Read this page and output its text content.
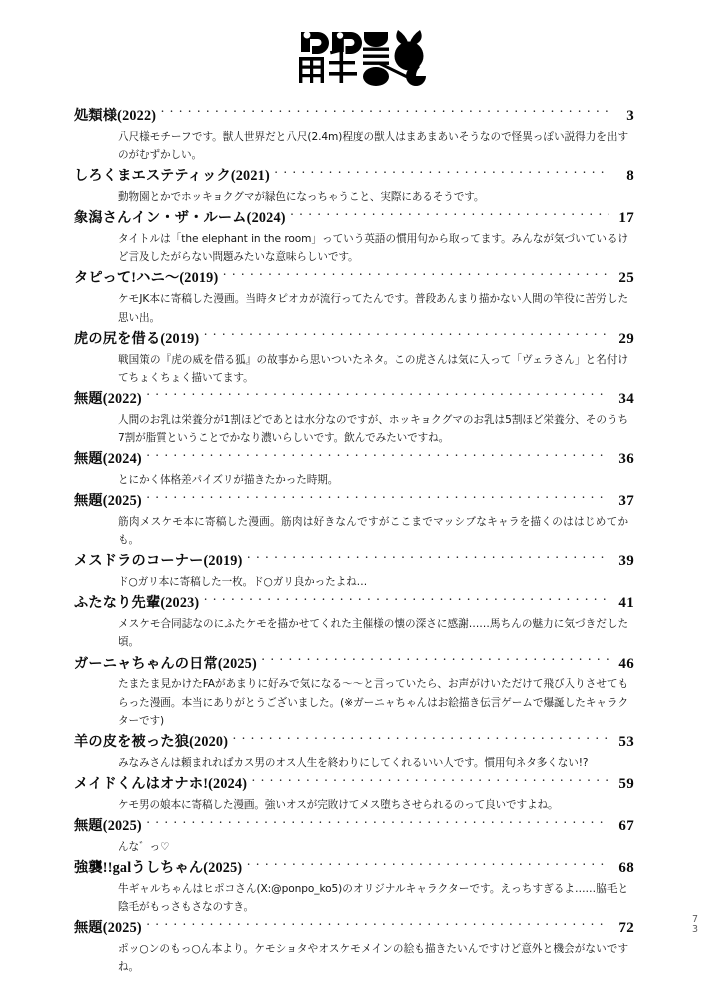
処類様(2022) · · ·	3
八尺様モチーフです。獣人世界だと八尺(2.4m)程度の獣人はまあまあいそうなので怪異っぽい説得力を出すのがむずかしい。
しろくまエステティック(2021) · · ·	8
動物園とかでホッキョクグマが緑色になっちゃうこと、実際にあるそうです。
象潟さんイン・ザ・ルーム(2024) · · ·	17
タイトルは「the elephant in the room」っていう英語の慣用句から取ってます。みんなが気づいているけど言及したがらない問題みたいな意味らしいです。
タピって!ハニ〜(2019) · · ·	25
ケモJK本に寄稿した漫画。当時タピオカが流行ってたんです。普段あんまり描かない人間の竿役に苦労した思い出。
虎の尻を借る(2019) · · ·	29
戦国策の『虎の威を借る狐』の故事から思いついたネタ。この虎さんは気に入って「ヴェラさん」と名付けてちょくちょく描いてます。
無題(2022) · · ·	34
人間のお乳は栄養分が1割ほどであとは水分なのですが、ホッキョクグマのお乳は5割ほど栄養分、そのうち7割が脂質ということでかなり濃いらしいです。飲んでみたいですね。
無題(2024) · · ·	36
とにかく体格差パイズリが描きたかった時期。
無題(2025) · · ·	37
筋肉メスケモ本に寄稿した漫画。筋肉は好きなんですがここまでマッシブなキャラを描くのははじめてかも。
メスドラのコーナー(2019) · · ·	39
ド○ガリ本に寄稿した一枚。ド○ガリ良かったよね…
ふたなり先輩(2023) · · ·	41
メスケモ合同誌なのにふたケモを描かせてくれた主催様の懐の深さに感謝……馬ちんの魅力に気づきだした頃。
ガーニャちゃんの日常(2025) · · ·	46
たまたま見かけたFAがあまりに好みで気になる〜〜と言っていたら、お声がけいただけて飛び入りさせてもらった漫画。本当にありがとうございました。(※ガーニャちゃんはお絵描き伝言ゲームで爆誕したキャラクターです)
羊の皮を被った狼(2020) · · ·	53
みなみさんは頼まれればカス男のオス人生を終わりにしてくれるいい人です。慣用句ネタ多くない!?
メイドくんはオナホ!(2024) · · ·	59
ケモ男の娘本に寄稿した漫画。強いオスが完敗けてメス堕ちさせられるのって良いですよね。
無題(2025) · · ·	67
んな゛っ♡
強襲!!galうしちゃん(2025) · · ·	68
牛ギャルちゃんはヒポコさん(X:@ponpo_ko5)のオリジナルキャラクターです。えっちすぎるよ……脇毛と陰毛がもっさもさなのすき。
無題(2025) · · ·	72
ポッ○ンのもっ○ん本より。ケモショタやオスケモメインの絵も描きたいんですけど意外と機会がないですね。
7
3
